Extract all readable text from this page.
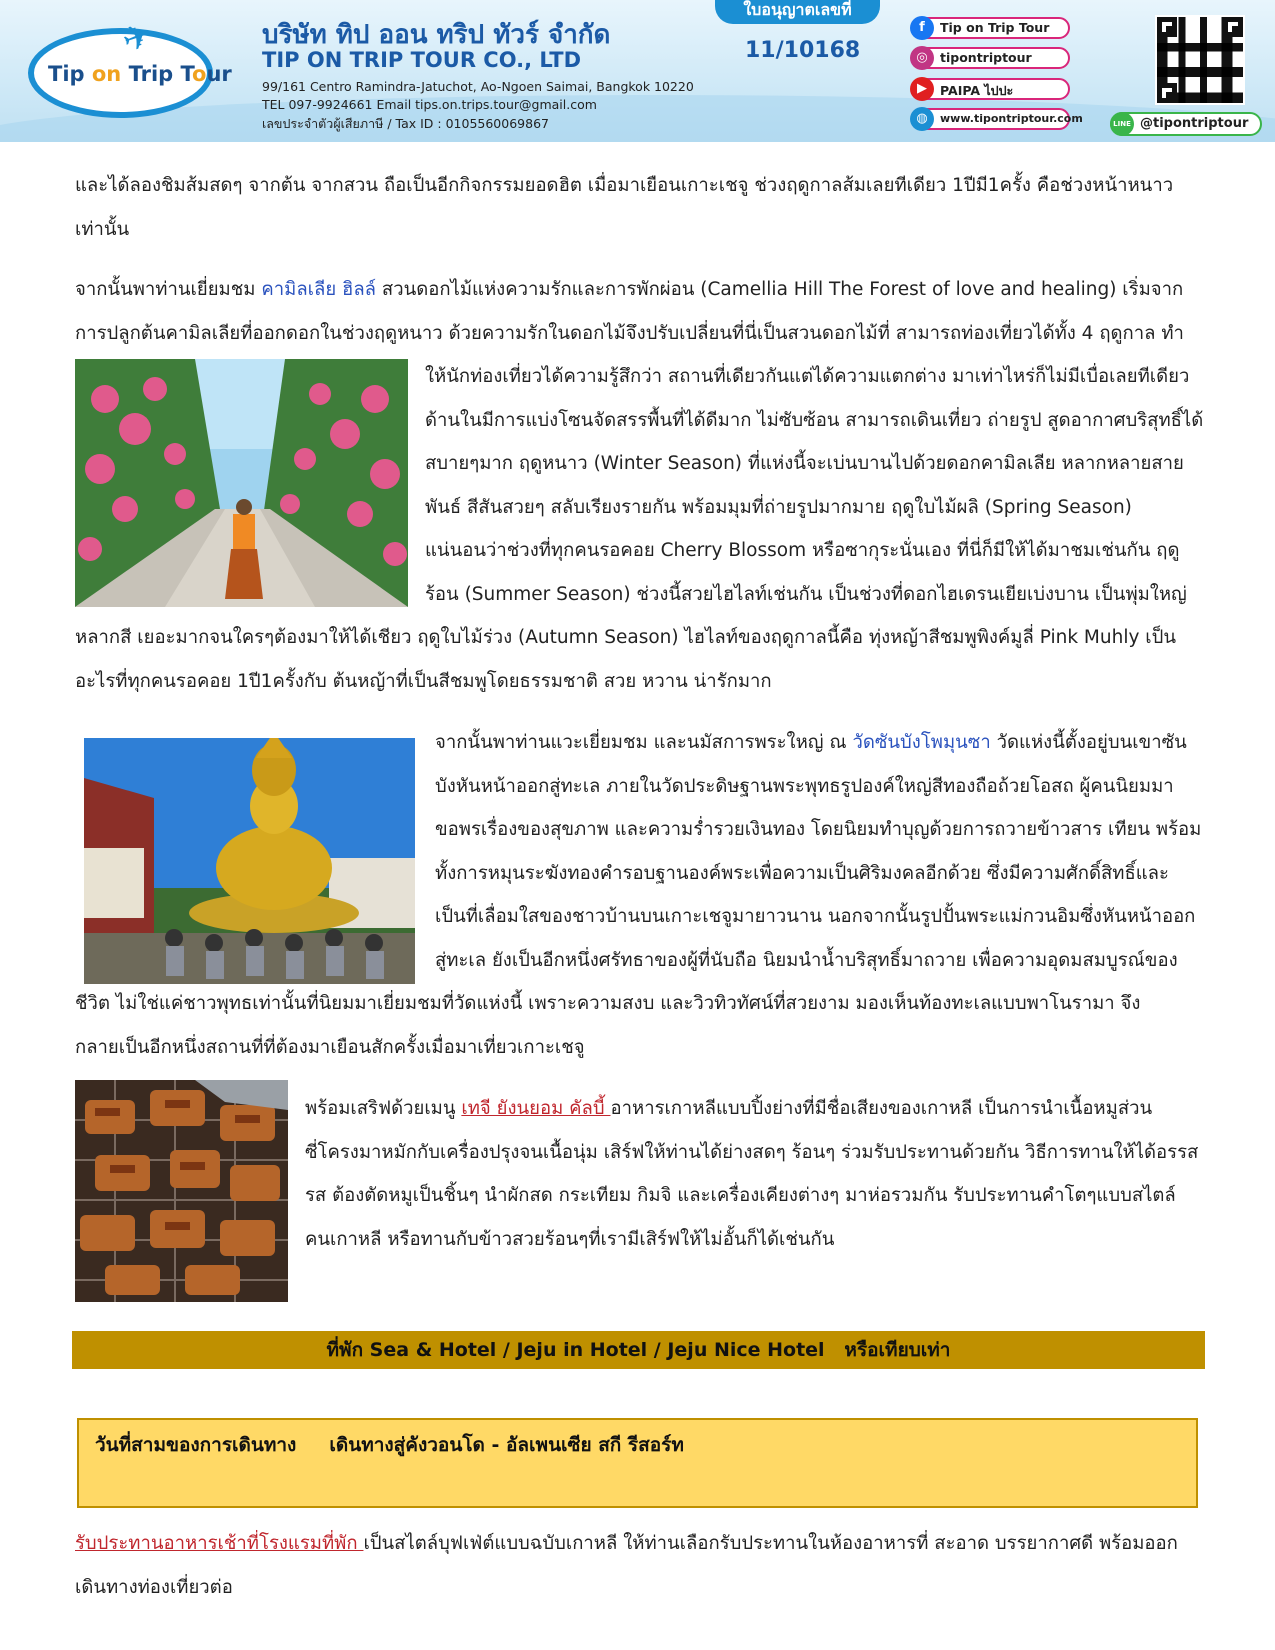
✈
Tip on Trip Tour
บริษัท ทิป ออน ทริป ทัวร์ จำกัด
TIP ON TRIP TOUR CO., LTD
99/161 Centro Ramindra-Jatuchot, Ao-Ngoen Saimai, Bangkok 10220
TEL 097-9924661 Email tips.on.trips.tour@gmail.com
เลขประจำตัวผู้เสียภาษี / Tax ID : 0105560069867
ใบอนุญาตเลขที่
11/10168
f	Tip on Trip Tour
◎ tipontriptour
▶	PAIPA ไปปะ
◍	www.tipontriptour.com	LINE @tipontriptour
และได้ลองชิมส้มสดๆ จากต้น จากสวน ถือเป็นอีกกิจกรรมยอดฮิต เมื่อมาเยือนเกาะเชจู ช่วงฤดูกาลส้มเลยทีเดียว 1ปีมี1ครั้ง คือช่วงหน้าหนาว
เท่านั้น
จากนั้นพาท่านเยี่ยมชม คามิลเลีย ฮิลล์ สวนดอกไม้แห่งความรักและการพักผ่อน (Camellia Hill The Forest of love and healing) เริ่มจาก
การปลูกต้นคามิลเลียที่ออกดอกในช่วงฤดูหนาว ด้วยความรักในดอกไม้จึงปรับเปลี่ยนที่นี่เป็นสวนดอกไม้ที่ สามารถท่องเที่ยวได้ทั้ง 4 ฤดูกาล ทำ
ให้นักท่องเที่ยวได้ความรู้สึกว่า สถานที่เดียวกันแต่ได้ความแตกต่าง มาเท่าไหร่ก็ไม่มีเบื่อเลยทีเดียว
ด้านในมีการแบ่งโซนจัดสรรพื้นที่ได้ดีมาก ไม่ซับซ้อน สามารถเดินเที่ยว ถ่ายรูป สูดอากาศบริสุทธิ์ได้
สบายๆมาก ฤดูหนาว (Winter Season) ที่แห่งนี้จะเบ่นบานไปด้วยดอกคามิลเลีย หลากหลายสาย
พันธ์ สีสันสวยๆ สลับเรียงรายกัน พร้อมมุมที่ถ่ายรูปมากมาย ฤดูใบไม้ผลิ (Spring Season)
แน่นอนว่าช่วงที่ทุกคนรอคอย Cherry Blossom หรือซากุระนั่นเอง ที่นี่ก็มีให้ได้มาชมเช่นกัน ฤดู
ร้อน (Summer Season) ช่วงนี้สวยไฮไลท์เช่นกัน เป็นช่วงที่ดอกไฮเดรนเยียเบ่งบาน เป็นพุ่มใหญ่
หลากสี เยอะมากจนใครๆต้องมาให้ได้เชียว ฤดูใบไม้ร่วง (Autumn Season) ไฮไลท์ของฤดูกาลนี้คือ ทุ่งหญ้าสีชมพูพิงค์มูลี่ Pink Muhly เป็น
อะไรที่ทุกคนรอคอย 1ปี1ครั้งกับ ต้นหญ้าที่เป็นสีชมพูโดยธรรมชาติ สวย หวาน น่ารักมาก
จากนั้นพาท่านแวะเยี่ยมชม และนมัสการพระใหญ่ ณ วัดซันบังโพมุนซา วัดแห่งนี้ตั้งอยู่บนเขาซัน
บังหันหน้าออกสู่ทะเล ภายในวัดประดิษฐานพระพุทธรูปองค์ใหญ่สีทองถือถ้วยโอสถ ผู้คนนิยมมา
ขอพรเรื่องของสุขภาพ และความร่ำรวยเงินทอง โดยนิยมทำบุญด้วยการถวายข้าวสาร เทียน พร้อม
ทั้งการหมุนระฆังทองคำรอบฐานองค์พระเพื่อความเป็นศิริมงคลอีกด้วย ซึ่งมีความศักดิ์สิทธิ์และ
เป็นที่เลื่อมใสของชาวบ้านบนเกาะเชจูมายาวนาน นอกจากนั้นรูปปั้นพระแม่กวนอิมซึ่งหันหน้าออก
สู่ทะเล ยังเป็นอีกหนึ่งศรัทธาของผู้ที่นับถือ นิยมนำน้ำบริสุทธิ์มาถวาย เพื่อความอุดมสมบูรณ์ของ
ชีวิต ไม่ใช่แค่ชาวพุทธเท่านั้นที่นิยมมาเยี่ยมชมที่วัดแห่งนี้ เพราะความสงบ และวิวทิวทัศน์ที่สวยงาม มองเห็นท้องทะเลแบบพาโนรามา จึง
กลายเป็นอีกหนึ่งสถานที่ที่ต้องมาเยือนสักครั้งเมื่อมาเที่ยวเกาะเชจู
พร้อมเสริฟด้วยเมนู เทจี ยังนยอม คัลบี้ อาหารเกาหลีแบบปิ้งย่างที่มีชื่อเสียงของเกาหลี เป็นการนำเนื้อหมูส่วน
ซี่โครงมาหมักกับเครื่องปรุงจนเนื้อนุ่ม เสิร์ฟให้ท่านได้ย่างสดๆ ร้อนๆ ร่วมรับประทานด้วยกัน วิธีการทานให้ได้อรรส
รส ต้องตัดหมูเป็นชิ้นๆ นำผักสด กระเทียม กิมจิ และเครื่องเคียงต่างๆ มาห่อรวมกัน รับประทานคำโตๆแบบสไตล์
คนเกาหลี หรือทานกับข้าวสวยร้อนๆที่เรามีเสิร์ฟให้ไม่อั้นก็ได้เช่นกัน
ที่พัก Sea & Hotel / Jeju in Hotel / Jeju Nice Hotel   หรือเทียบเท่า
วันที่สามของการเดินทาง     เดินทางสู่คังวอนโด - อัลเพนเซีย สกี รีสอร์ท
รับประทานอาหารเช้าที่โรงแรมที่พัก เป็นสไตล์บุฟเฟ่ต์แบบฉบับเกาหลี ให้ท่านเลือกรับประทานในห้องอาหารที่ สะอาด บรรยากาศดี พร้อมออก
เดินทางท่องเที่ยวต่อ
